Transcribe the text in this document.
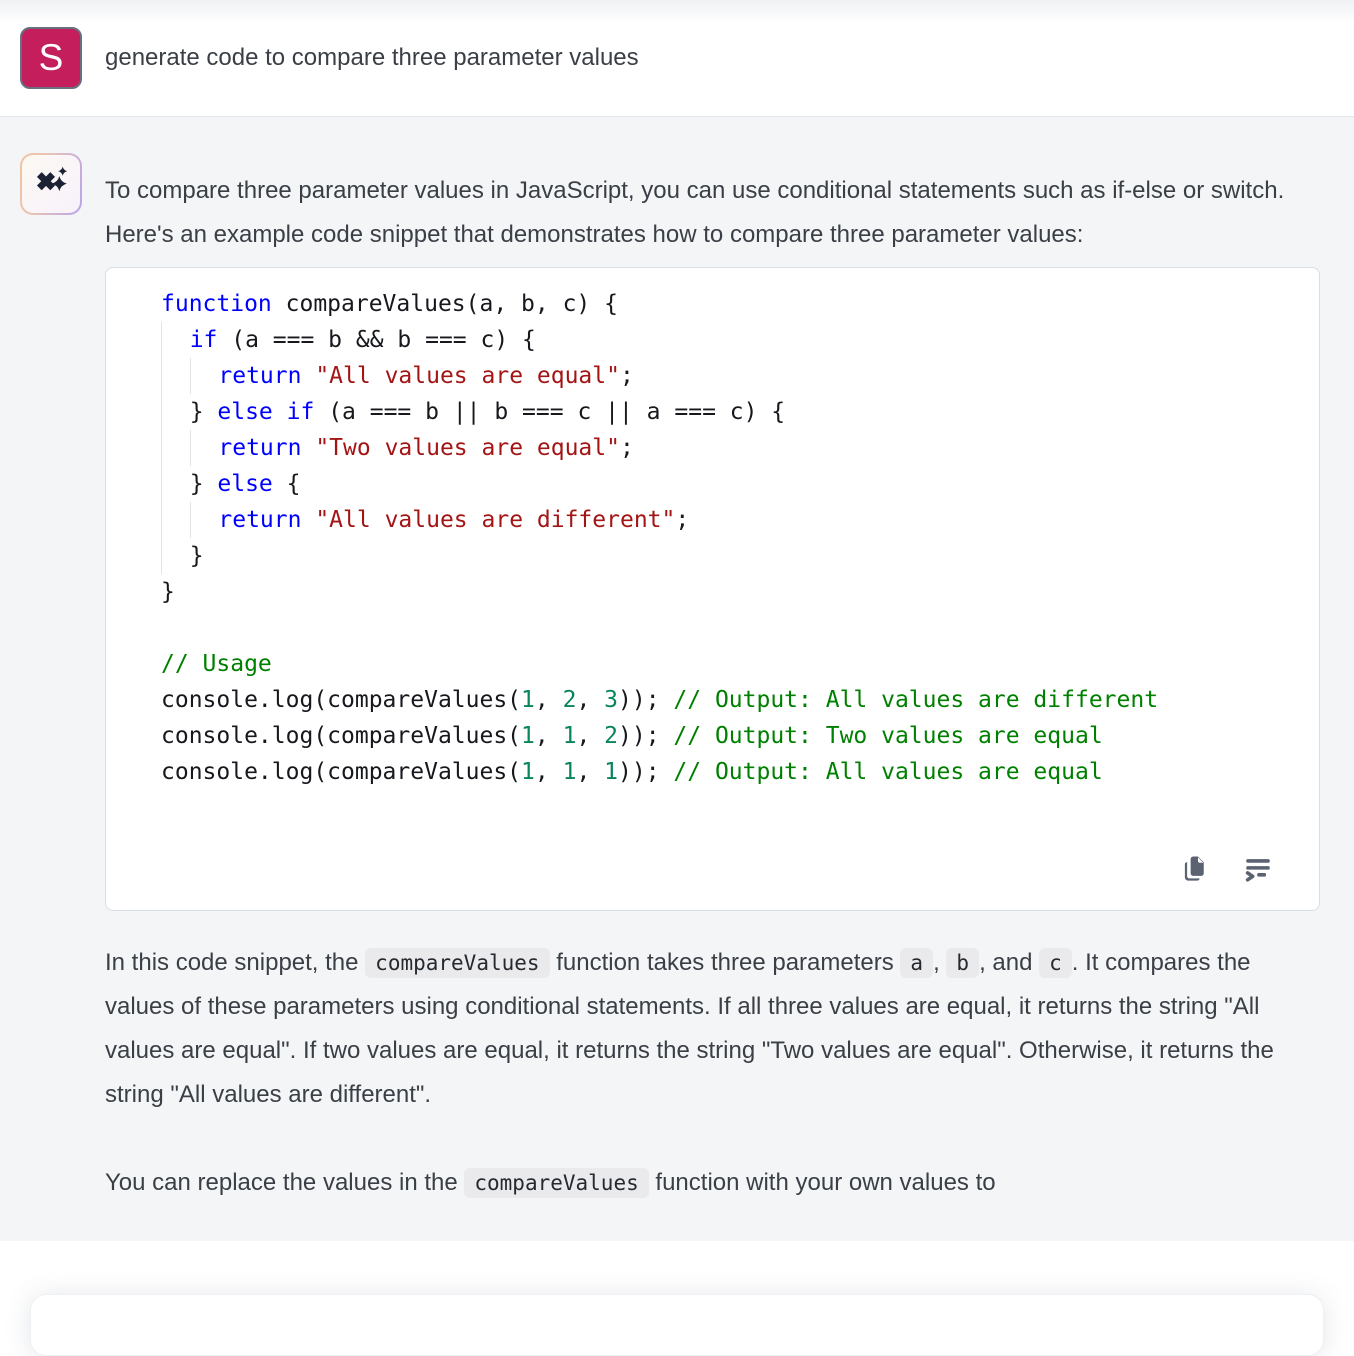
S generate code to compare three parameter values

To compare three parameter values in JavaScript, you can use conditional statements such as if-else or switch. Here's an example code snippet that demonstrates how to compare three parameter values:

function compareValues(a, b, c) {
if (a === b && b === c) {
return "All values are equal";
} else if (a === b || b === c || a === c) {
return "Two values are equal";
} else {
return "All values are different";
}
}

// Usage
console.log(compareValues(1, 2, 3)); // Output: All values are different
console.log(compareValues(1, 1, 2)); // Output: Two values are equal
console.log(compareValues(1, 1, 1)); // Output: All values are equal

In this code snippet, the compareValues function takes three parameters a , b , and c . It compares the values of these parameters using conditional statements. If all three values are equal, it returns the string "All values are equal". If two values are equal, it returns the string "Two values are equal". Otherwise, it returns the string "All values are different".

You can replace the values in the compareValues function with your own values to
